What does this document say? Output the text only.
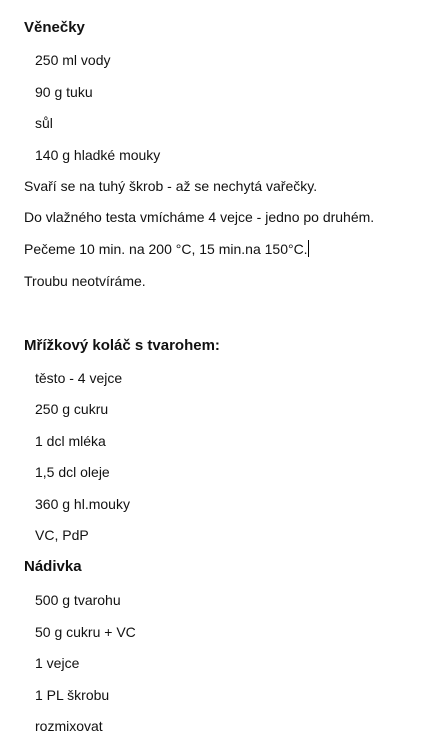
Věnečky
250 ml vody
90 g tuku
sůl
140 g hladké mouky
Svaří se na tuhý škrob - až se nechytá vařečky.
Do vlažného testa vmícháme 4 vejce - jedno po druhém.
Pečeme 10 min. na 200 °C, 15 min.na 150°C.
Troubu neotvíráme.
Mřížkový koláč s tvarohem:
těsto - 4 vejce
250 g cukru
1 dcl mléka
1,5 dcl oleje
360 g hl.mouky
VC, PdP
Nádivka
500 g tvarohu
50 g cukru + VC
1 vejce
1 PL škrobu
rozmixovat
